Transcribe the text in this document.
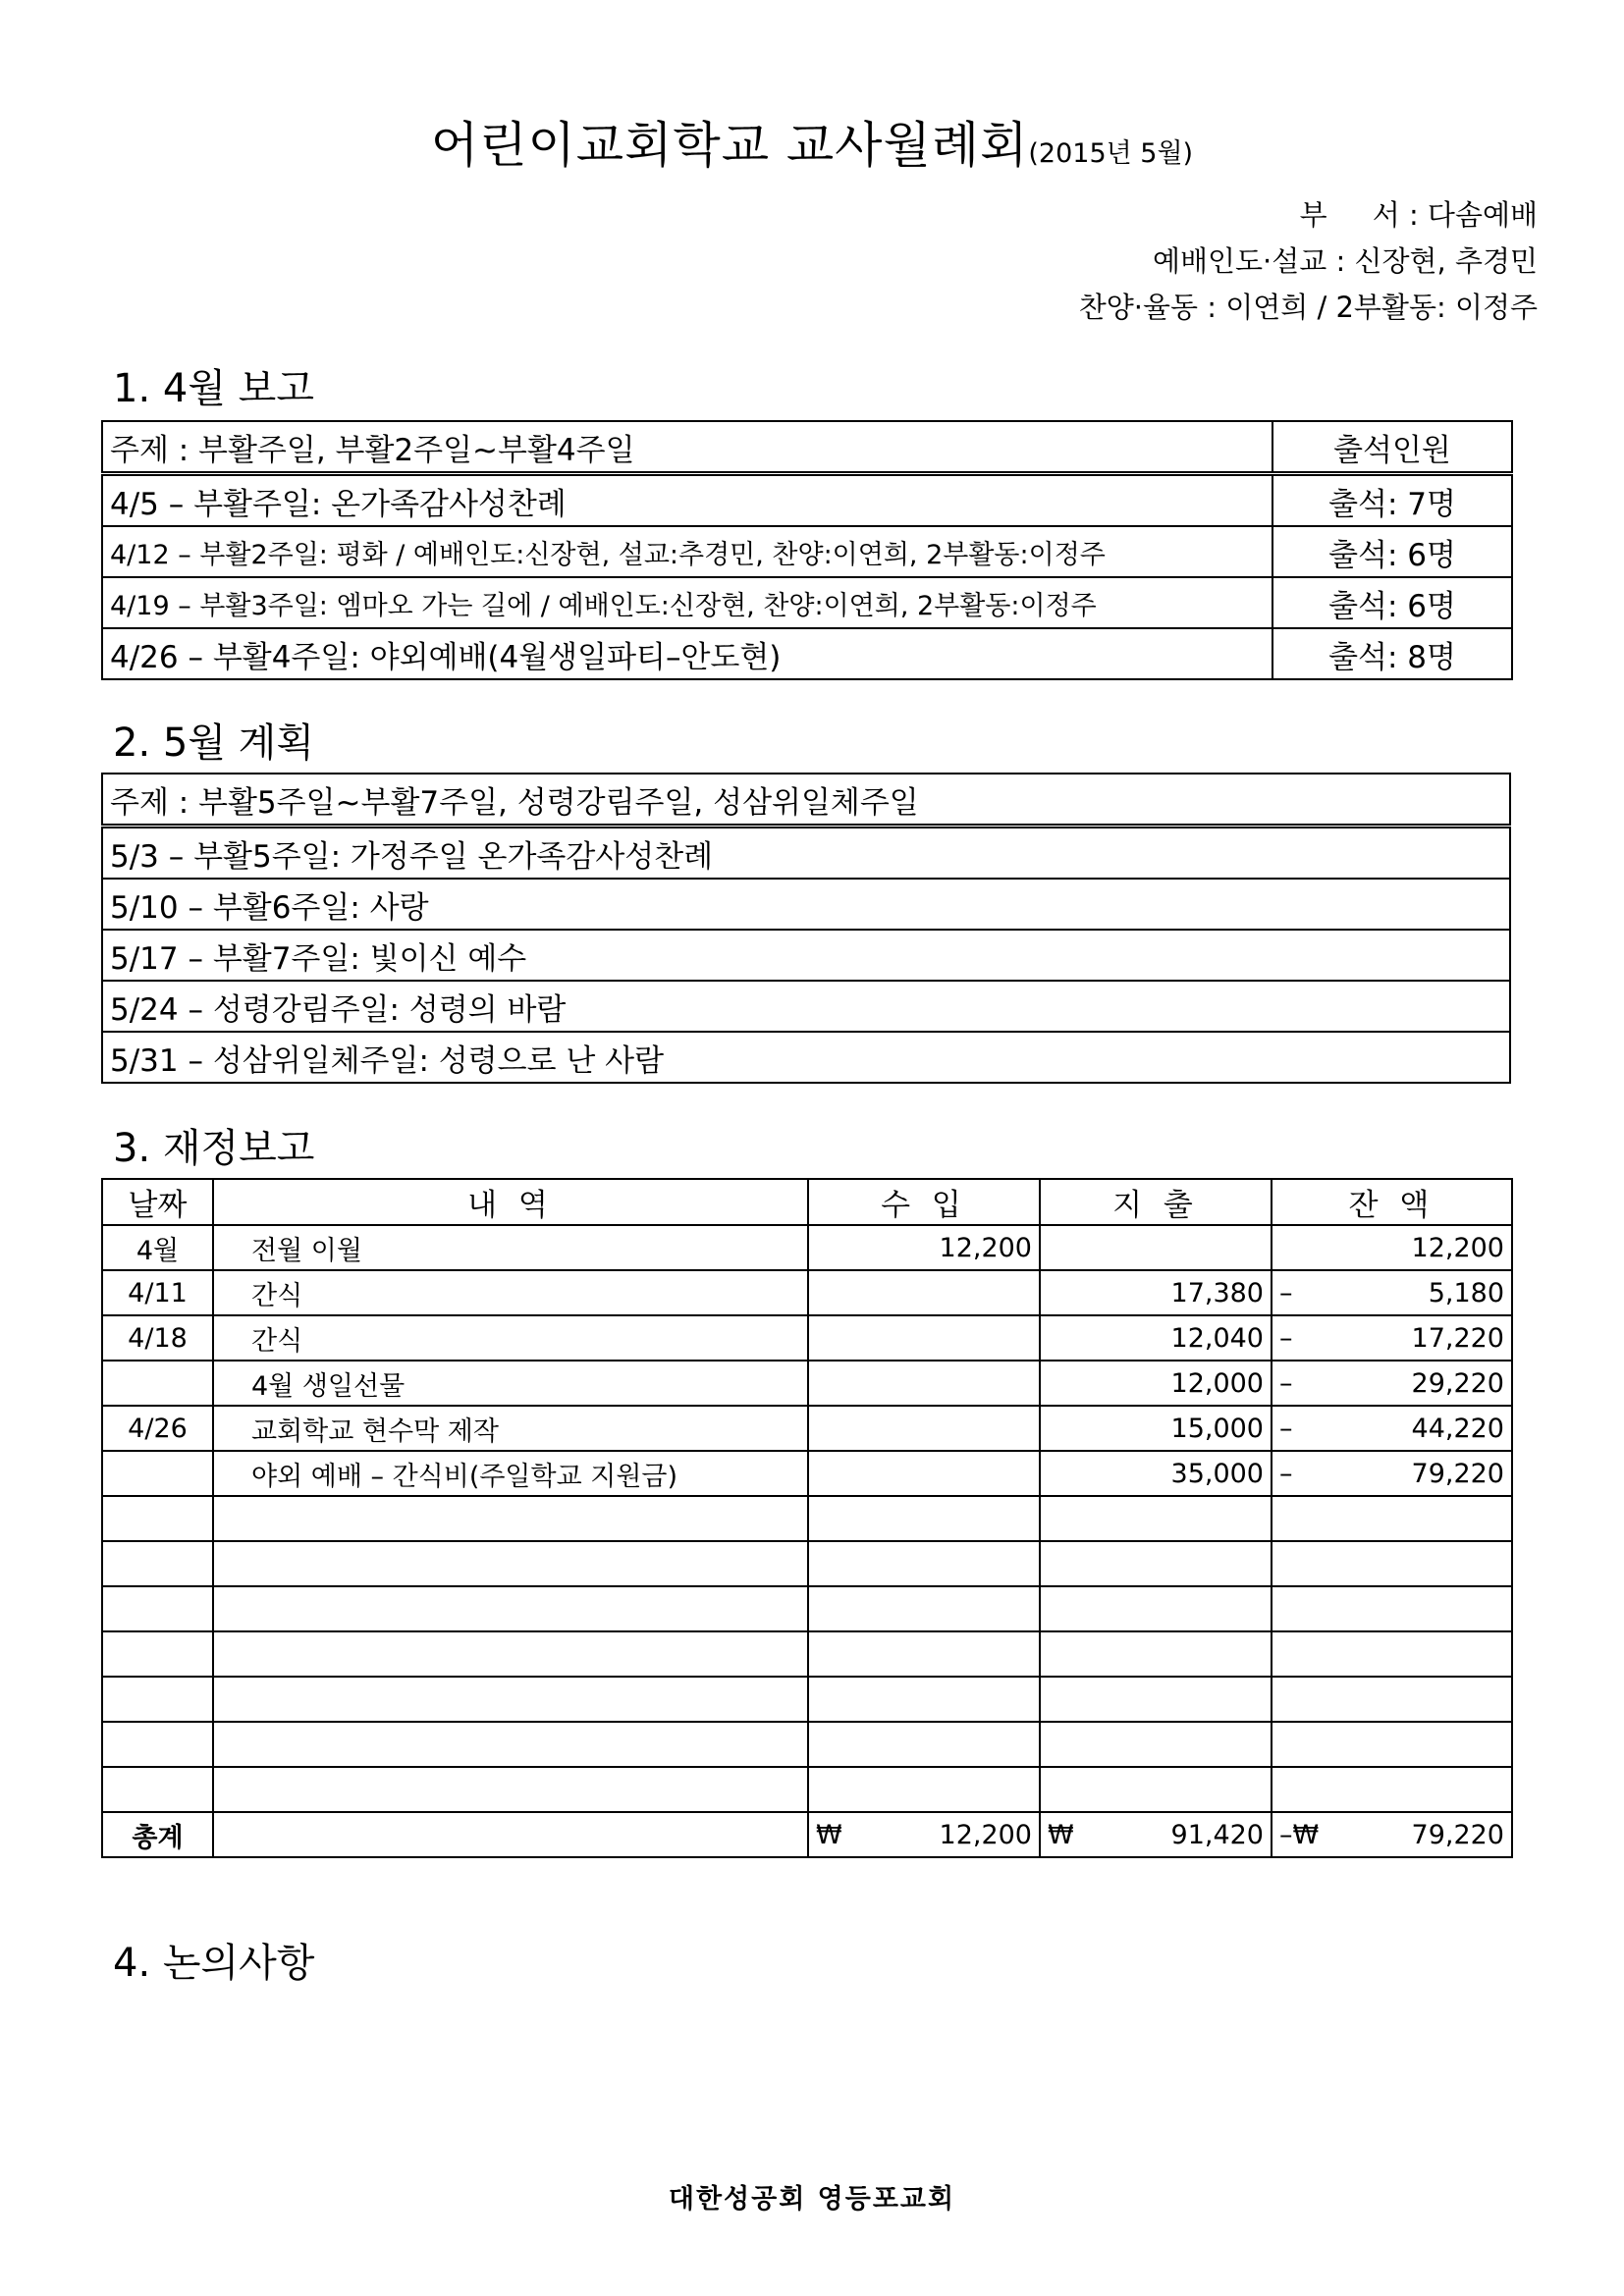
어린이교회학교 교사월례회(2015년 5월)
부     서 : 다솜예배
예배인도·설교 : 신장현, 추경민
찬양·율동 : 이연희 / 2부활동: 이정주
1. 4월 보고
주제 : 부활주일, 부활2주일~부활4주일	출석인원
4/5 – 부활주일: 온가족감사성찬례	출석: 7명
4/12 – 부활2주일: 평화 / 예배인도:신장현, 설교:추경민, 찬양:이연희, 2부활동:이정주	출석: 6명
4/19 – 부활3주일: 엠마오 가는 길에 / 예배인도:신장현, 찬양:이연희, 2부활동:이정주	출석: 6명
4/26 – 부활4주일: 야외예배(4월생일파티–안도현)	출석: 8명
2. 5월 계획
주제 : 부활5주일~부활7주일, 성령강림주일, 성삼위일체주일
5/3 – 부활5주일: 가정주일 온가족감사성찬례
5/10 – 부활6주일: 사랑
5/17 – 부활7주일: 빛이신 예수
5/24 – 성령강림주일: 성령의 바람
5/31 – 성삼위일체주일: 성령으로 난 사람
3. 재정보고
날짜	내 역	수 입	지 출	잔 액
4월	전월 이월	12,200		12,200

4/11	간식		17,380	– 5,180

4/18	간식		12,040	– 17,220

	4월 생일선물		12,000	– 29,220

4/26	교회학교 현수막 제작		15,000	– 44,220

	야외 예배 – 간식비(주일학교 지원금)		35,000	– 79,220

총계		₩ 12,200	₩ 91,420	–₩ 79,220
4. 논의사항
대한성공회 영등포교회
